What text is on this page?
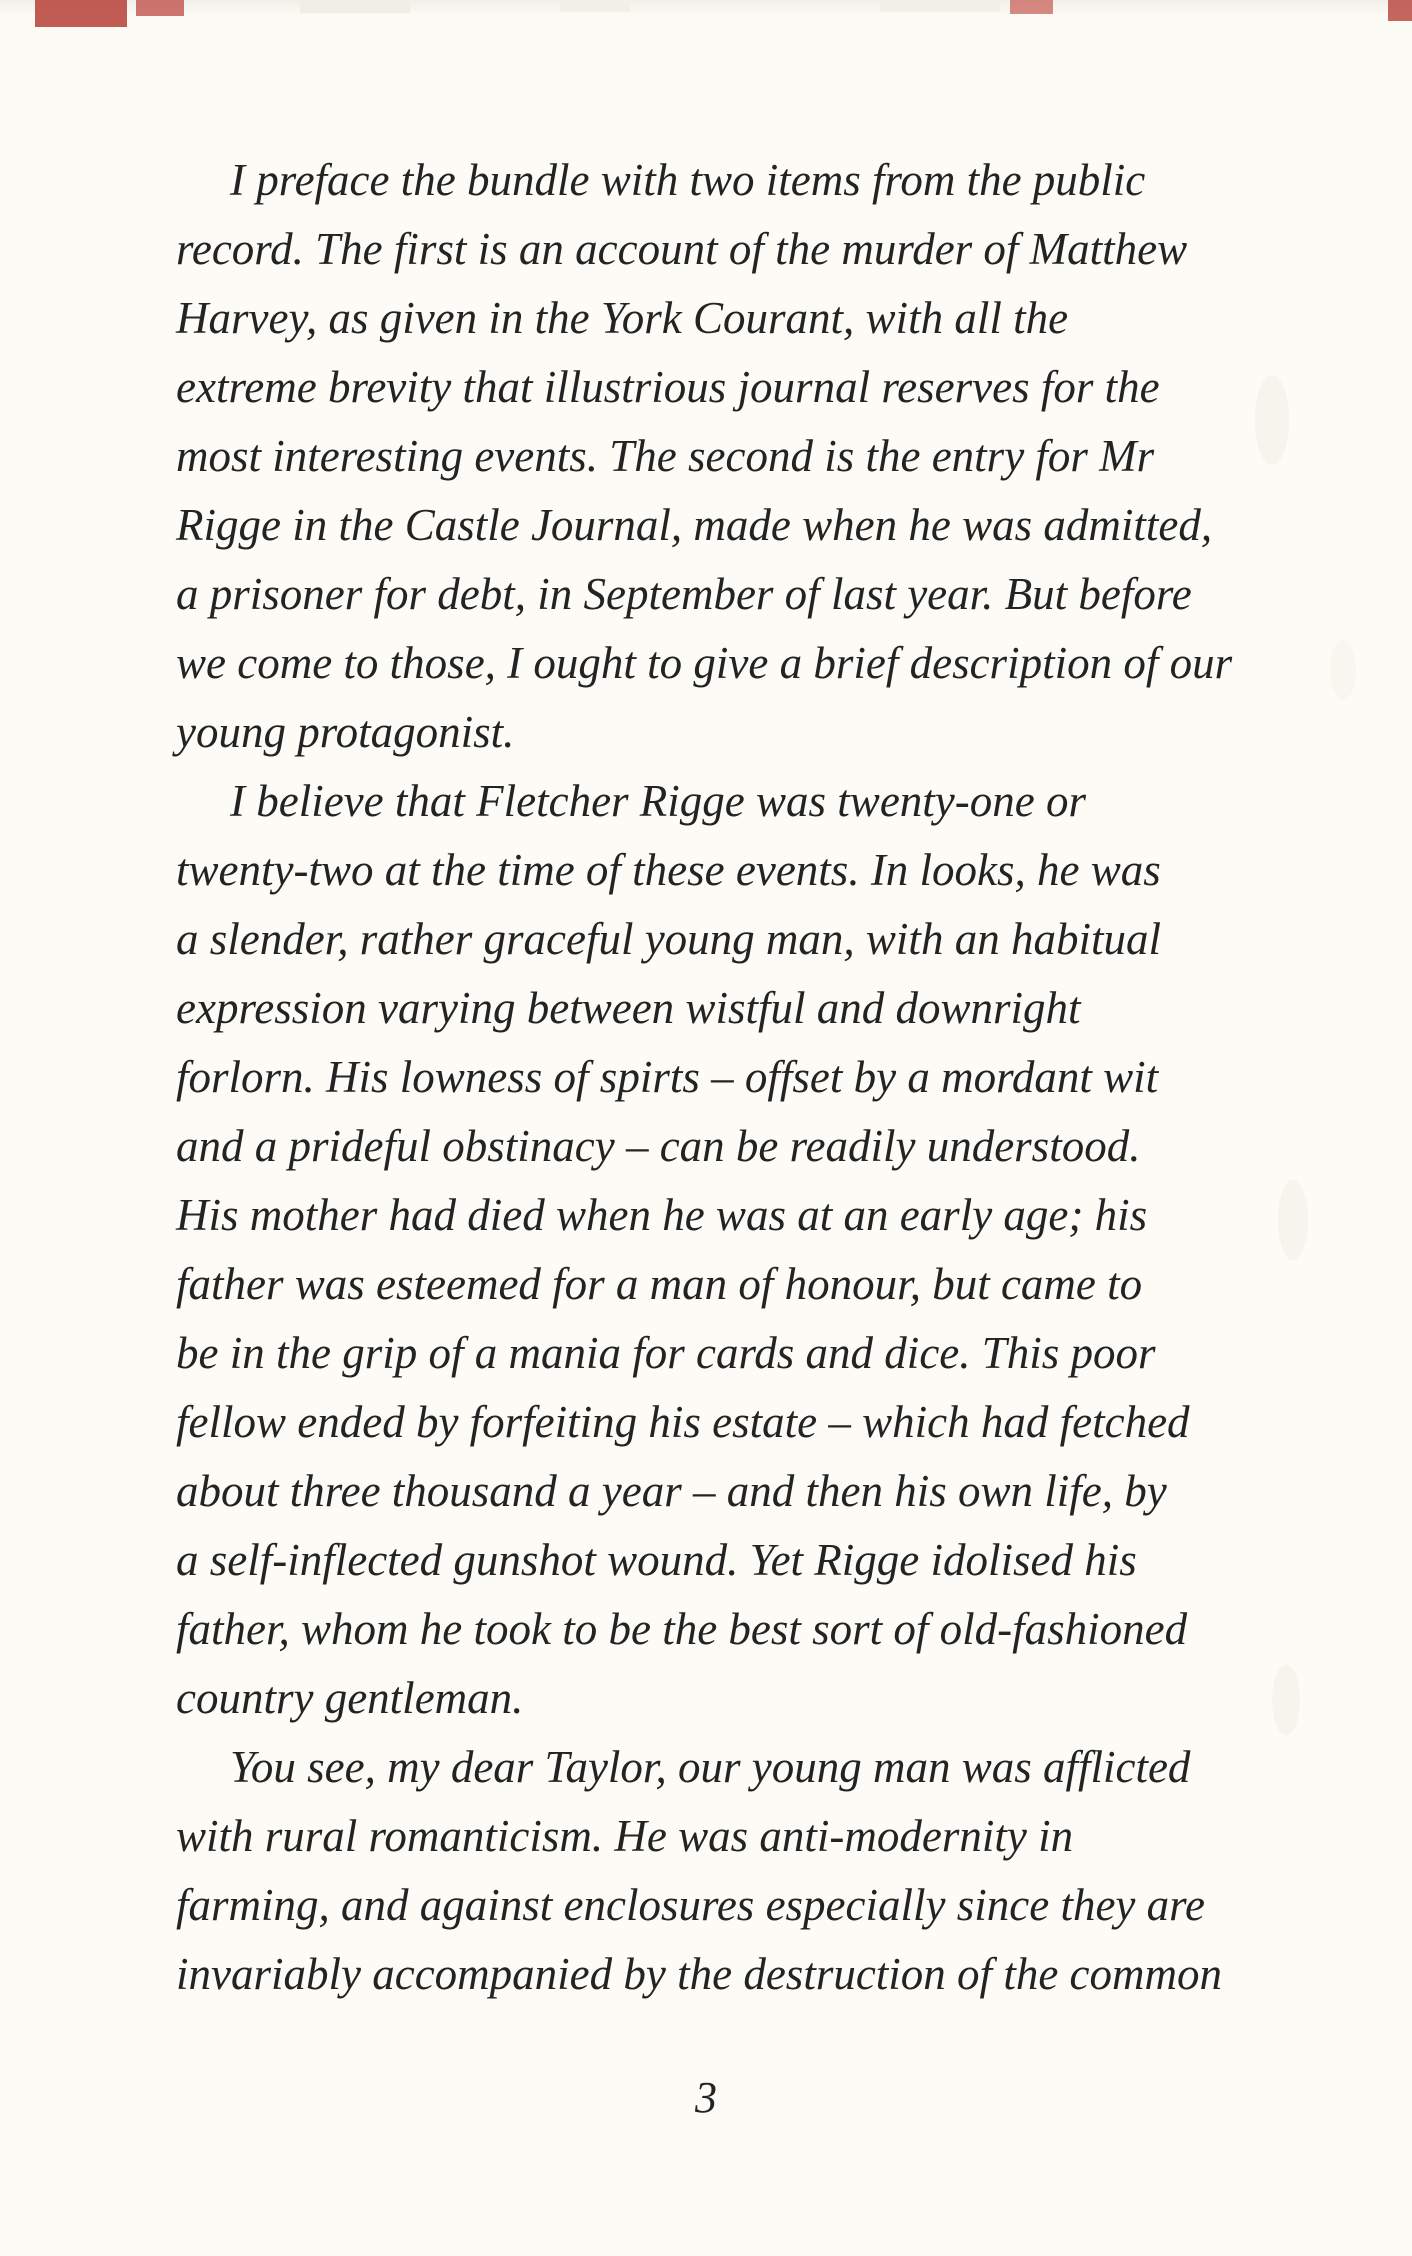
I preface the bundle with two items from the public
record. The first is an account of the murder of Matthew
Harvey, as given in the York Courant, with all the
extreme brevity that illustrious journal reserves for the
most interesting events. The second is the entry for Mr
Rigge in the Castle Journal, made when he was admitted,
a prisoner for debt, in September of last year. But before
we come to those, I ought to give a brief description of our
young protagonist.
I believe that Fletcher Rigge was twenty-one or
twenty-two at the time of these events. In looks, he was
a slender, rather graceful young man, with an habitual
expression varying between wistful and downright
forlorn. His lowness of spirts – offset by a mordant wit
and a prideful obstinacy – can be readily understood.
His mother had died when he was at an early age; his
father was esteemed for a man of honour, but came to
be in the grip of a mania for cards and dice. This poor
fellow ended by forfeiting his estate – which had fetched
about three thousand a year – and then his own life, by
a self-inflected gunshot wound. Yet Rigge idolised his
father, whom he took to be the best sort of old-fashioned
country gentleman.
You see, my dear Taylor, our young man was afflicted
with rural romanticism. He was anti-modernity in
farming, and against enclosures especially since they are
invariably accompanied by the destruction of the common
3
